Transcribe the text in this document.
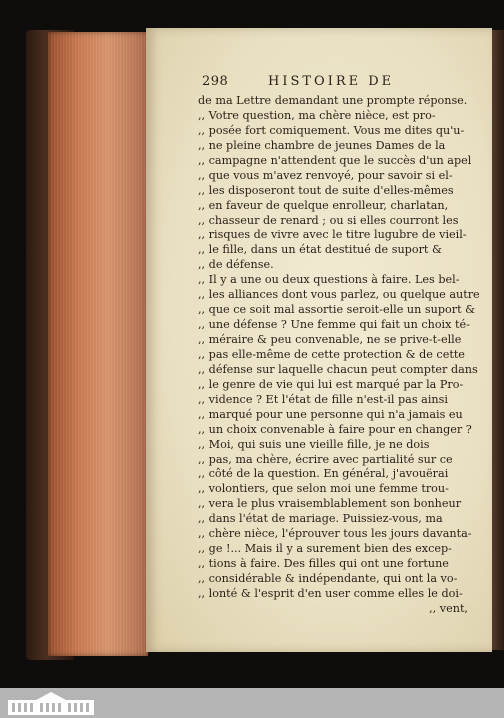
298	HISTOIRE DE
de ma Lettre demandant une prompte réponse.
,, Votre question, ma chère nièce, est pro-
,, posée fort comiquement. Vous me dites qu'u-
,, ne pleine chambre de jeunes Dames de la
,, campagne n'attendent que le succès d'un apel
,, que vous m'avez renvoyé, pour savoir si el-
,, les disposeront tout de suite d'elles-mêmes
,, en faveur de quelque enrolleur, charlatan,
,, chasseur de renard ; ou si elles courront les
,, risques de vivre avec le titre lugubre de vieil-
,, le fille, dans un état destitué de suport &
,, de défense.
,, Il y a une ou deux questions à faire. Les bel-
,, les alliances dont vous parlez, ou quelque autre
,, que ce soit mal assortie seroit-elle un suport &
,, une défense ? Une femme qui fait un choix té-
,, méraire & peu convenable, ne se prive-t-elle
,, pas elle-même de cette protection & de cette
,, défense sur laquelle chacun peut compter dans
,, le genre de vie qui lui est marqué par la Pro-
,, vidence ? Et l'état de fille n'est-il pas ainsi
,, marqué pour une personne qui n'a jamais eu
,, un choix convenable à faire pour en changer ?
,, Moi, qui suis une vieille fille, je ne dois
,, pas, ma chère, écrire avec partialité sur ce
,, côté de la question. En général, j'avouërai
,, volontiers, que selon moi une femme trou-
,, vera le plus vraisemblablement son bonheur
,, dans l'état de mariage. Puissiez-vous, ma
,, chère nièce, l'éprouver tous les jours davanta-
,, ge !... Mais il y a surement bien des excep-
,, tions à faire. Des filles qui ont une fortune
,, considérable & indépendante, qui ont la vo-
,, lonté & l'esprit d'en user comme elles le doi-
,, vent,
